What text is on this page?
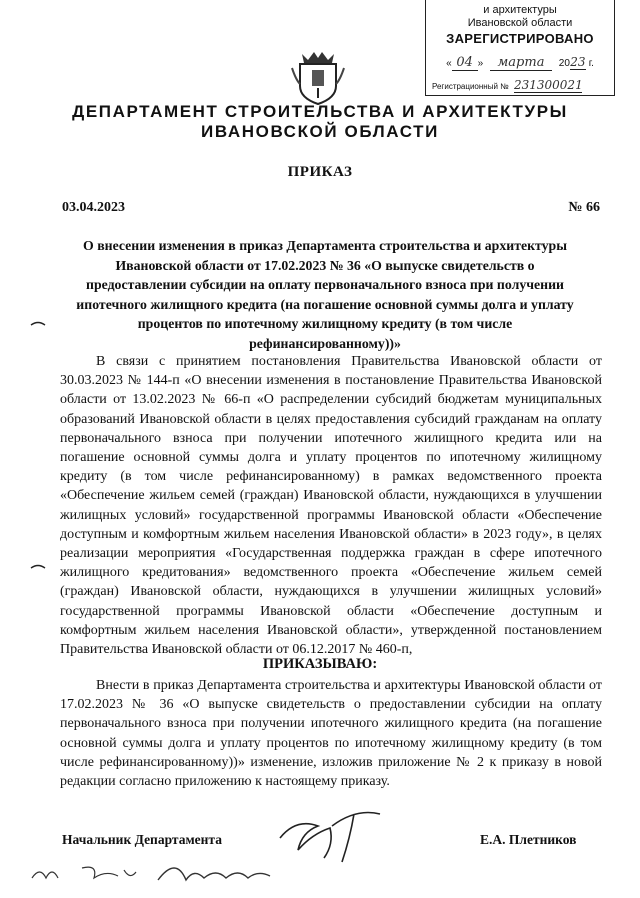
и архитектуры
Ивановской области
ЗАРЕГИСТРИРОВАНО
« 04 » марта 2023 г.
Регистрационный № 231300021
ДЕПАРТАМЕНТ СТРОИТЕЛЬСТВА И АРХИТЕКТУРЫ
ИВАНОВСКОЙ ОБЛАСТИ
ПРИКАЗ
03.04.2023	№ 66
О внесении изменения в приказ Департамента строительства и архитектуры
Ивановской области от 17.02.2023 № 36 «О выпуске свидетельств о
предоставлении субсидии на оплату первоначального взноса при получении
ипотечного жилищного кредита (на погашение основной суммы долга и уплату
процентов по ипотечному жилищному кредиту (в том числе
рефинансированному))»
В связи с принятием постановления Правительства Ивановской области от 30.03.2023 № 144-п «О внесении изменения в постановление Правительства Ивановской области от 13.02.2023 № 66-п «О распределении субсидий бюджетам муниципальных образований Ивановской области в целях предоставления субсидий гражданам на оплату первоначального взноса при получении ипотечного жилищного кредита или на погашение основной суммы долга и уплату процентов по ипотечному жилищному кредиту (в том числе рефинансированному) в рамках ведомственного проекта «Обеспечение жильем семей (граждан) Ивановской области, нуждающихся в улучшении жилищных условий» государственной программы Ивановской области «Обеспечение доступным и комфортным жильем населения Ивановской области» в 2023 году», в целях реализации мероприятия «Государственная поддержка граждан в сфере ипотечного жилищного кредитования» ведомственного проекта «Обеспечение жильем семей (граждан) Ивановской области, нуждающихся в улучшении жилищных условий» государственной программы Ивановской области «Обеспечение доступным и комфортным жильем населения Ивановской области», утвержденной постановлением Правительства Ивановской области от 06.12.2017 № 460-п,
ПРИКАЗЫВАЮ:
Внести в приказ Департамента строительства и архитектуры Ивановской области от 17.02.2023 № 36 «О выпуске свидетельств о предоставлении субсидии на оплату первоначального взноса при получении ипотечного жилищного кредита (на погашение основной суммы долга и уплату процентов по ипотечному жилищному кредиту (в том числе рефинансированному))» изменение, изложив приложение № 2 к приказу в новой редакции согласно приложению к настоящему приказу.
Начальник Департамента	Е.А. Плетников
